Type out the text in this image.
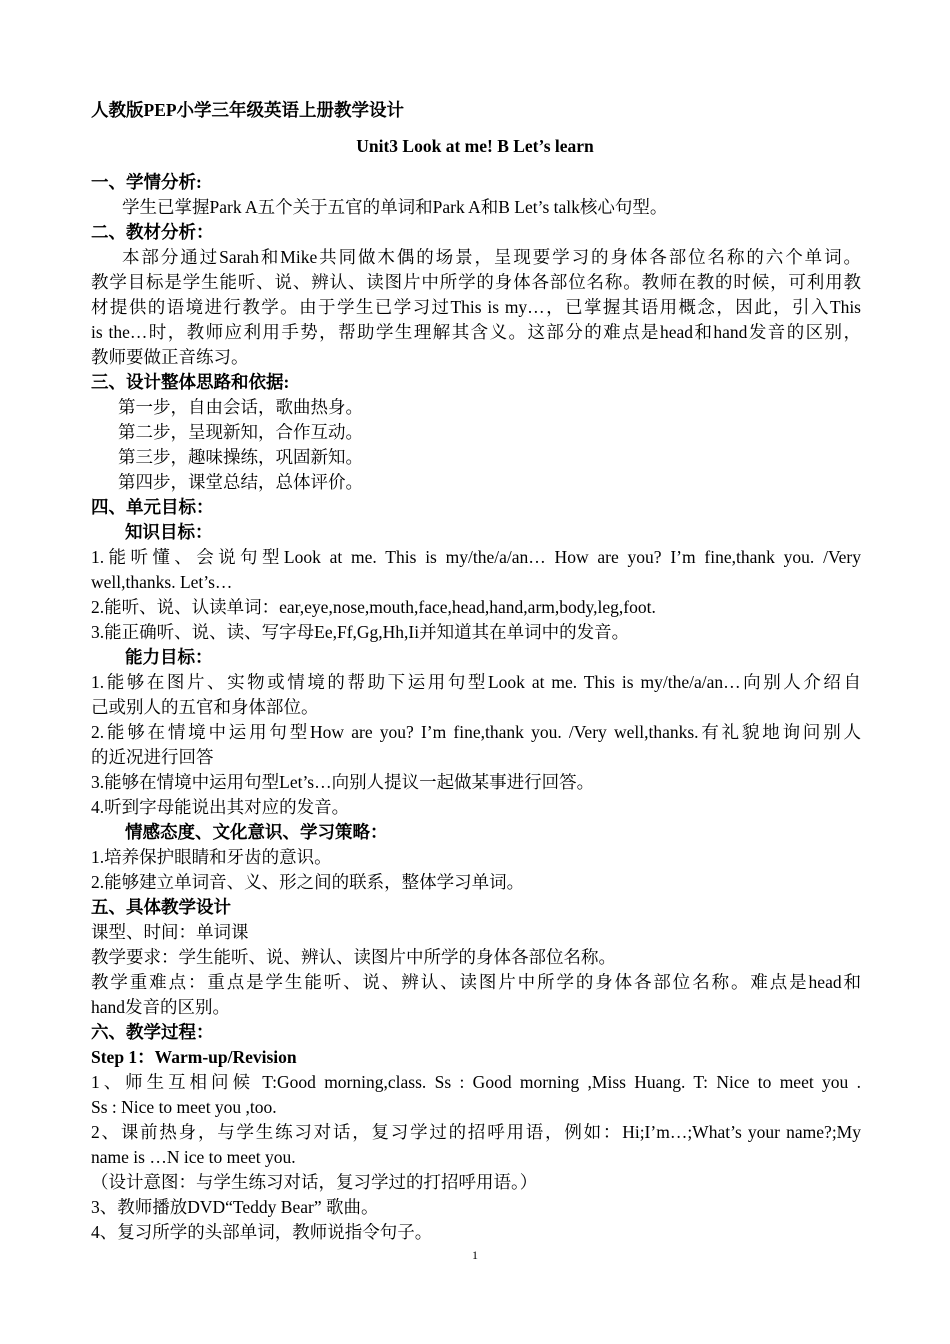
人教版PEP小学三年级英语上册教学设计
Unit3 Look at me! B Let’s learn
一、学情分析:
学生已掌握Park A五个关于五官的单词和Park A和B Let’s talk核心句型。
二、教材分析：
本部分通过Sarah和Mike共同做木偶的场景，呈现要学习的身体各部位名称的六个单词。
教学目标是学生能听、说、辨认、读图片中所学的身体各部位名称。教师在教的时候，可利用教
材提供的语境进行教学。由于学生已学习过This is my…，已掌握其语用概念，因此，引入This
is the…时，教师应利用手势，帮助学生理解其含义。这部分的难点是head和hand发音的区别，
教师要做正音练习。
三、设计整体思路和依据:
第一步，自由会话，歌曲热身。
第二步，呈现新知，合作互动。
第三步，趣味操练，巩固新知。
第四步，课堂总结，总体评价。
四、单元目标：
知识目标：
1.能听懂、会说句型Look at me. This is my/the/a/an… How are you? I’m fine,thank you. /Very
well,thanks. Let’s…
2.能听、说、认读单词：ear,eye,nose,mouth,face,head,hand,arm,body,leg,foot.
3.能正确听、说、读、写字母Ee,Ff,Gg,Hh,Ii并知道其在单词中的发音。
能力目标：
1.能够在图片、实物或情境的帮助下运用句型Look at me. This is my/the/a/an…向别人介绍自
己或别人的五官和身体部位。
2.能够在情境中运用句型How are you? I’m fine,thank you. /Very well,thanks.有礼貌地询问别人
的近况进行回答
3.能够在情境中运用句型Let’s…向别人提议一起做某事进行回答。
4.听到字母能说出其对应的发音。
情感态度、文化意识、学习策略：
1.培养保护眼睛和牙齿的意识。
2.能够建立单词音、义、形之间的联系，整体学习单词。
五、具体教学设计
课型、时间：单词课
教学要求：学生能听、说、辨认、读图片中所学的身体各部位名称。
教学重难点：重点是学生能听、说、辨认、读图片中所学的身体各部位名称。难点是head和
hand发音的区别。
六、教学过程：
Step 1：Warm-up/Revision
1、师生互相问候 T:Good morning,class. Ss : Good morning ,Miss Huang. T: Nice to meet you .
Ss : Nice to meet you ,too.
2、课前热身，与学生练习对话，复习学过的招呼用语，例如：Hi;I’m…;What’s your name?;My
name is …N ice to meet you.
（设计意图：与学生练习对话，复习学过的打招呼用语。）
3、教师播放DVD“Teddy Bear” 歌曲。
4、复习所学的头部单词，教师说指令句子。
1
